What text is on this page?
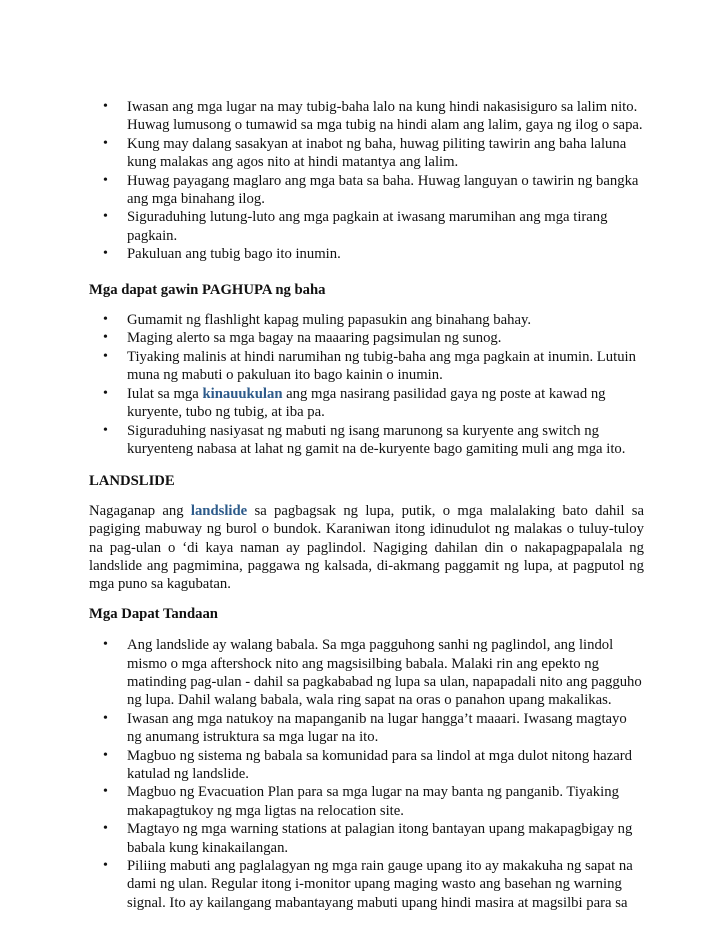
• Iwasan ang mga lugar na may tubig-baha lalo na kung hindi nakasisiguro sa lalim nito. Huwag lumusong o tumawid sa mga tubig na hindi alam ang lalim, gaya ng ilog o sapa.
• Kung may dalang sasakyan at inabot ng baha, huwag piliting tawirin ang baha laluna kung malakas ang agos nito at hindi matantya ang lalim.
• Huwag payagang maglaro ang mga bata sa baha. Huwag languyan o tawirin ng bangka ang mga binahang ilog.
• Siguraduhing lutung-luto ang mga pagkain at iwasang marumihan ang mga tirang pagkain.
• Pakuluan ang tubig bago ito inumin.

Mga dapat gawin PAGHUPA ng baha

• Gumamit ng flashlight kapag muling papasukin ang binahang bahay.
• Maging alerto sa mga bagay na maaaring pagsimulan ng sunog.
• Tiyaking malinis at hindi narumihan ng tubig-baha ang mga pagkain at inumin. Lutuin muna ng mabuti o pakuluan ito bago kainin o inumin.
• Iulat sa mga kinauukulan ang mga nasirang pasilidad gaya ng poste at kawad ng kuryente, tubo ng tubig, at iba pa.
• Siguraduhing nasiyasat ng mabuti ng isang marunong sa kuryente ang switch ng kuryenteng nabasa at lahat ng gamit na de-kuryente bago gamiting muli ang mga ito.

LANDSLIDE

Nagaganap ang landslide sa pagbagsak ng lupa, putik, o mga malalaking bato dahil sa pagiging mabuway ng burol o bundok. Karaniwan itong idinudulot ng malakas o tuluy-tuloy na pag-ulan o ‘di kaya naman ay paglindol. Nagiging dahilan din o nakapagpapalala ng landslide ang pagmimina, paggawa ng kalsada, di-akmang paggamit ng lupa, at pagputol ng mga puno sa kagubatan.

Mga Dapat Tandaan

• Ang landslide ay walang babala. Sa mga pagguhong sanhi ng paglindol, ang lindol mismo o mga aftershock nito ang magsisilbing babala. Malaki rin ang epekto ng matinding pag-ulan - dahil sa pagkababad ng lupa sa ulan, napapadali nito ang pagguho ng lupa. Dahil walang babala, wala ring sapat na oras o panahon upang makalikas.
• Iwasan ang mga natukoy na mapanganib na lugar hangga’t maaari. Iwasang magtayo ng anumang istruktura sa mga lugar na ito.
• Magbuo ng sistema ng babala sa komunidad para sa lindol at mga dulot nitong hazard katulad ng landslide.
• Magbuo ng Evacuation Plan para sa mga lugar na may banta ng panganib. Tiyaking makapagtukoy ng mga ligtas na relocation site.
• Magtayo ng mga warning stations at palagian itong bantayan upang makapagbigay ng babala kung kinakailangan.
• Piliing mabuti ang paglalagyan ng mga rain gauge upang ito ay makakuha ng sapat na dami ng ulan. Regular itong i-monitor upang maging wasto ang basehan ng warning signal. Ito ay kailangang mabantayang mabuti upang hindi masira at magsilbi para sa
